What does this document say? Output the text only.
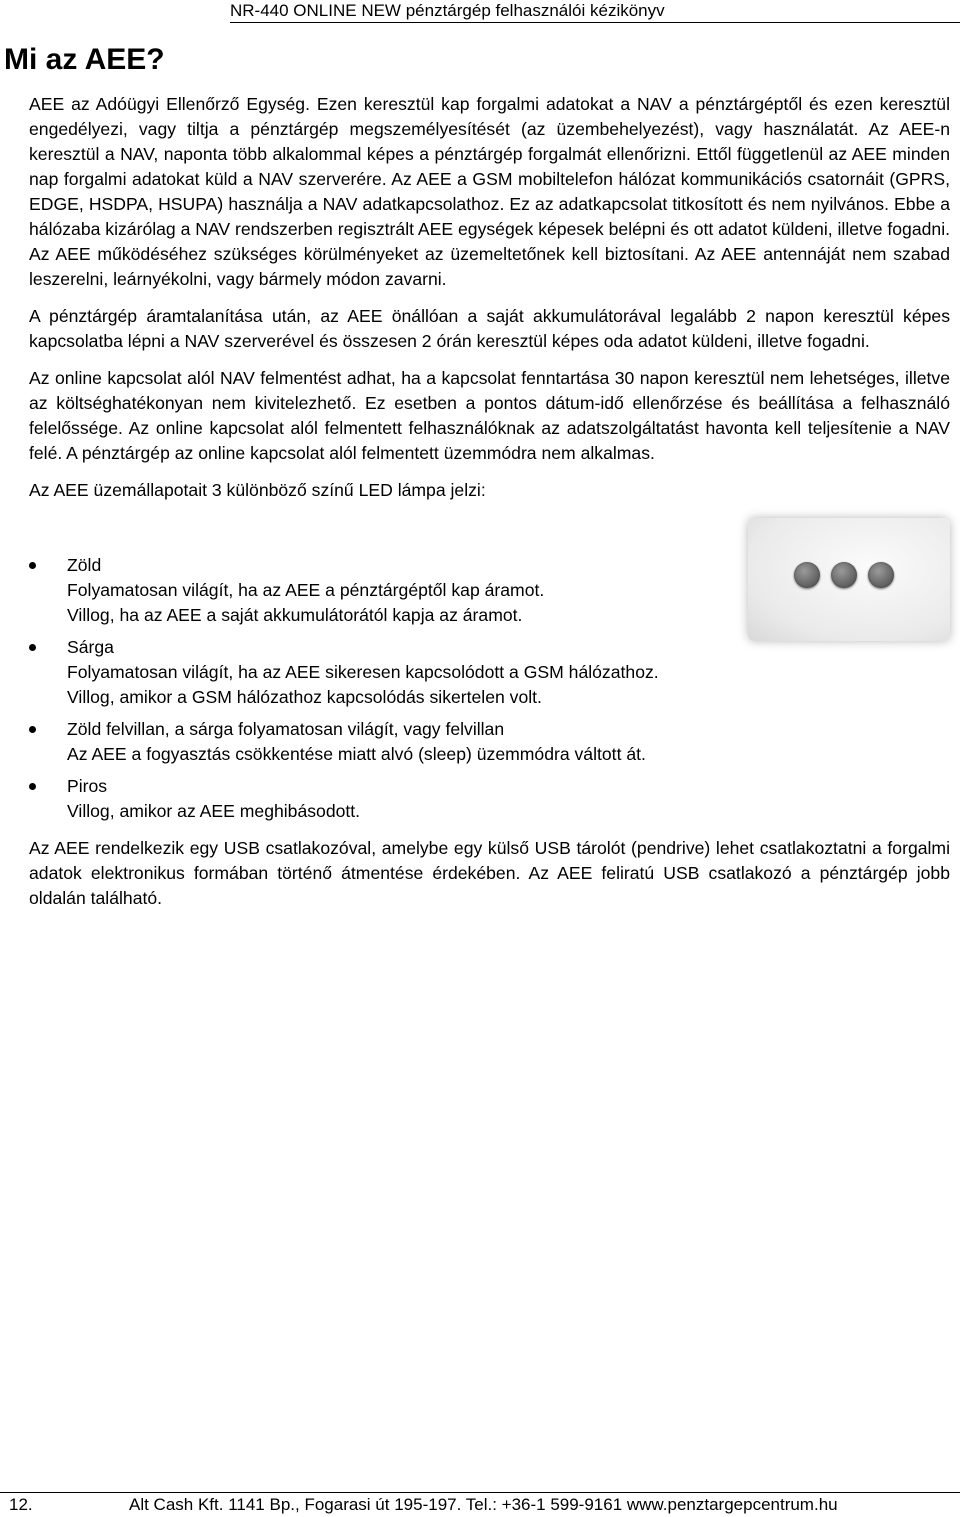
NR-440 ONLINE NEW pénztárgép felhasználói kézikönyv
Mi az AEE?

AEE az Adóügyi Ellenőrző Egység. Ezen keresztül kap forgalmi adatokat a NAV a pénztárgéptől és ezen keresztül engedélyezi, vagy tiltja a pénztárgép megszemélyesítését (az üzembehelyezést), vagy használatát. Az AEE-n keresztül a NAV, naponta több alkalommal képes a pénztárgép forgalmát ellenőrizni. Ettől függetlenül az AEE minden nap forgalmi adatokat küld a NAV szerverére. Az AEE a GSM mobiltelefon hálózat kommunikációs csatornáit (GPRS, EDGE, HSDPA, HSUPA) használja a NAV adatkapcsolathoz. Ez az adatkapcsolat titkosított és nem nyilvános. Ebbe a hálózaba kizárólag a NAV rendszerben regisztrált AEE egységek képesek belépni és ott adatot küldeni, illetve fogadni. Az AEE működéséhez szükséges körülményeket az üzemeltetőnek kell biztosítani. Az AEE antennáját nem szabad leszerelni, leárnyékolni, vagy bármely módon zavarni.

A pénztárgép áramtalanítása után, az AEE önállóan a saját akkumulátorával legalább 2 napon keresztül képes kapcsolatba lépni a NAV szerverével és összesen 2 órán keresztül képes oda adatot küldeni, illetve fogadni.

Az online kapcsolat alól NAV felmentést adhat, ha a kapcsolat fenntartása 30 napon keresztül nem lehetséges, illetve az költséghatékonyan nem kivitelezhető. Ez esetben a pontos dátum-idő ellenőrzése és beállítása a felhasználó felelőssége. Az online kapcsolat alól felmentett felhasználóknak az adatszolgáltatást havonta kell teljesítenie a NAV felé. A pénztárgép az online kapcsolat alól felmentett üzemmódra nem alkalmas.

Az AEE üzemállapotait 3 különböző színű LED lámpa jelzi:

Zöld
Folyamatosan világít, ha az AEE a pénztárgéptől kap áramot.
Villog, ha az AEE a saját akkumulátorától kapja az áramot.
Sárga
Folyamatosan világít, ha az AEE sikeresen kapcsolódott a GSM hálózathoz.
Villog, amikor a GSM hálózathoz kapcsolódás sikertelen volt.
Zöld felvillan, a sárga folyamatosan világít, vagy felvillan
Az AEE a fogyasztás csökkentése miatt alvó (sleep) üzemmódra váltott át.
Piros
Villog, amikor az AEE meghibásodott.

Az AEE rendelkezik egy USB csatlakozóval, amelybe egy külső USB tárolót (pendrive) lehet csatlakoztatni a forgalmi adatok elektronikus formában történő átmentése érdekében. Az AEE feliratú USB csatlakozó a pénztárgép jobb oldalán található.

12.	Alt Cash Kft. 1141 Bp., Fogarasi út 195-197. Tel.: +36-1 599-9161 www.penztargepcentrum.hu
